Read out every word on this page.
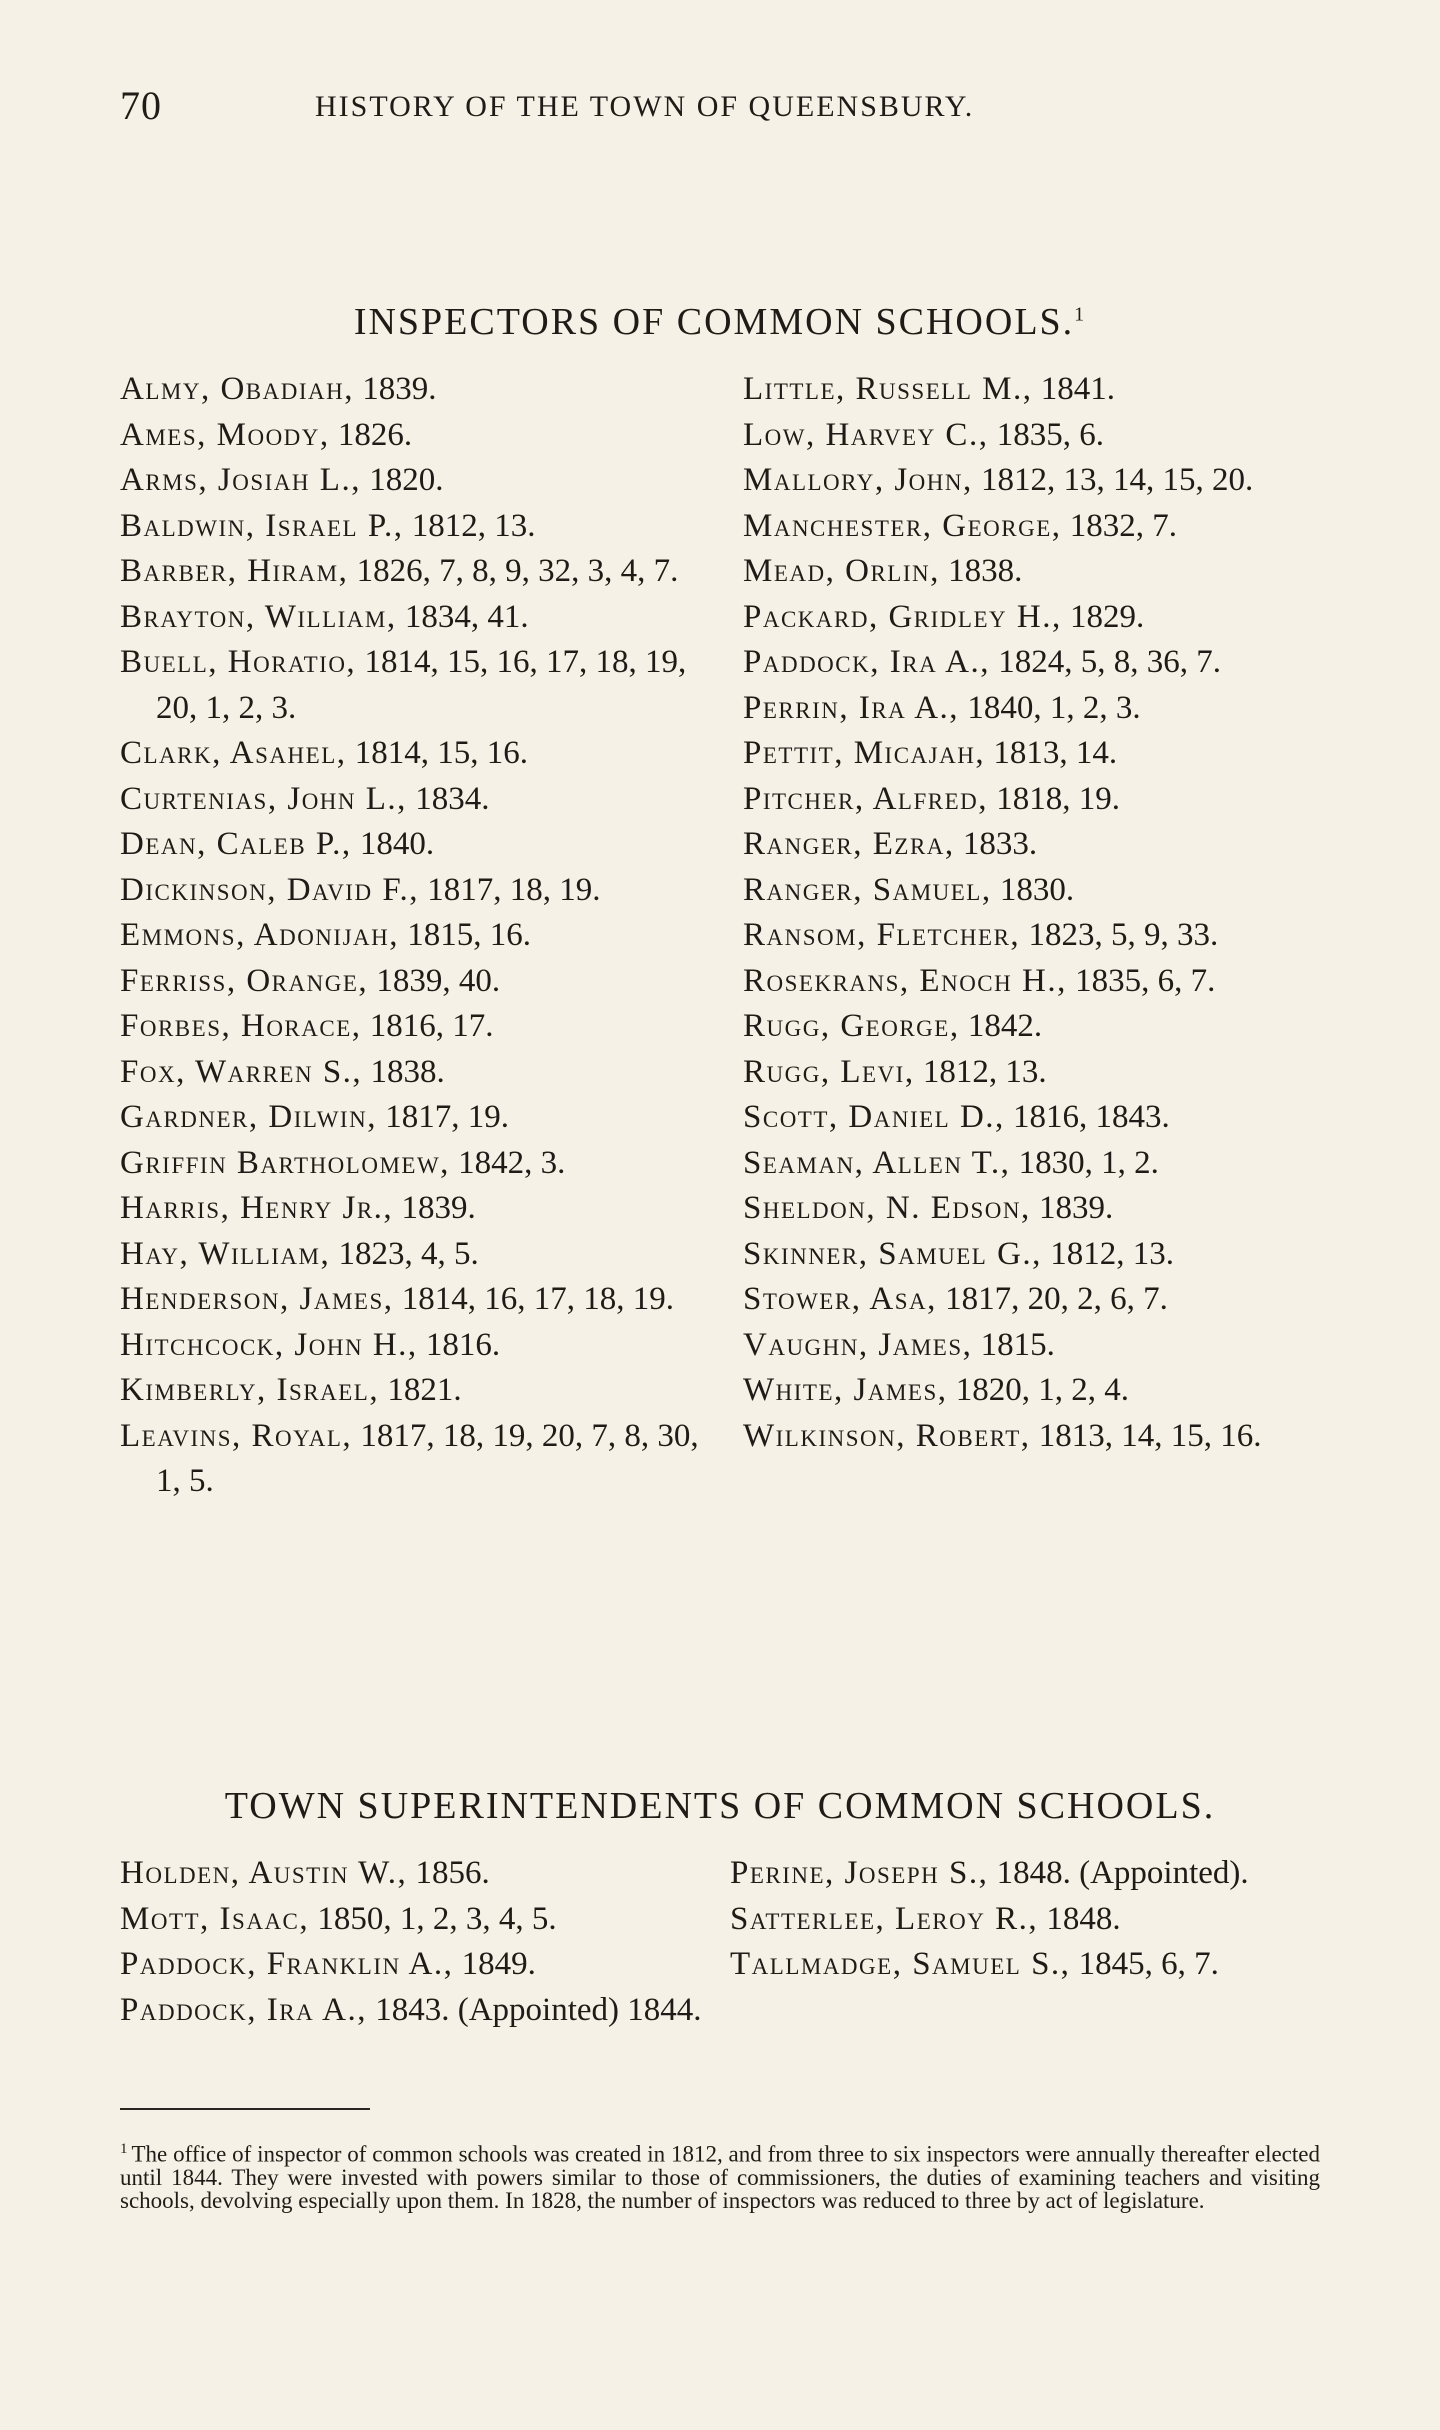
70	HISTORY OF THE TOWN OF QUEENSBURY.
INSPECTORS OF COMMON SCHOOLS.$^1$

Almy, Obadiah, 1839.

Ames, Moody, 1826.

Arms, Josiah L., 1820.

Baldwin, Israel P., 1812, 13.

Barber, Hiram, 1826, 7, 8, 9, 32, 3, 4, 7.

Brayton, William, 1834, 41.

Buell, Horatio, 1814, 15, 16, 17, 18, 19, 20, 1, 2, 3.

Clark, Asahel, 1814, 15, 16.

Curtenias, John L., 1834.

Dean, Caleb P., 1840.

Dickinson, David F., 1817, 18, 19.

Emmons, Adonijah, 1815, 16.

Ferriss, Orange, 1839, 40.

Forbes, Horace, 1816, 17.

Fox, Warren S., 1838.

Gardner, Dilwin, 1817, 19.

Griffin Bartholomew, 1842, 3.

Harris, Henry Jr., 1839.

Hay, William, 1823, 4, 5.

Henderson, James, 1814, 16, 17, 18, 19.

Hitchcock, John H., 1816.

Kimberly, Israel, 1821.

Leavins, Royal, 1817, 18, 19, 20, 7, 8, 30, 1, 5.

Little, Russell M., 1841.

Low, Harvey C., 1835, 6.

Mallory, John, 1812, 13, 14, 15, 20.

Manchester, George, 1832, 7.

Mead, Orlin, 1838.

Packard, Gridley H., 1829.

Paddock, Ira A., 1824, 5, 8, 36, 7.

Perrin, Ira A., 1840, 1, 2, 3.

Pettit, Micajah, 1813, 14.

Pitcher, Alfred, 1818, 19.

Ranger, Ezra, 1833.

Ranger, Samuel, 1830.

Ransom, Fletcher, 1823, 5, 9, 33.

Rosekrans, Enoch H., 1835, 6, 7.

Rugg, George, 1842.

Rugg, Levi, 1812, 13.

Scott, Daniel D., 1816, 1843.

Seaman, Allen T., 1830, 1, 2.

Sheldon, N. Edson, 1839.

Skinner, Samuel G., 1812, 13.

Stower, Asa, 1817, 20, 2, 6, 7.

Vaughn, James, 1815.

White, James, 1820, 1, 2, 4.

Wilkinson, Robert, 1813, 14, 15, 16.

TOWN SUPERINTENDENTS OF COMMON SCHOOLS.

Holden, Austin W., 1856.

Mott, Isaac, 1850, 1, 2, 3, 4, 5.

Paddock, Franklin A., 1849.

Paddock, Ira A., 1843. (Appointed) 1844.

Perine, Joseph S., 1848. (Appointed).

Satterlee, Leroy R., 1848.

Tallmadge, Samuel S., 1845, 6, 7.

$^1$ The office of inspector of common schools was created in 1812, and from three to six inspectors were annually thereafter elected until 1844. They were invested with powers similar to those of commissioners, the duties of examining teachers and visiting schools, devolving especially upon them. In 1828, the number of inspectors was reduced to three by act of legislature.
